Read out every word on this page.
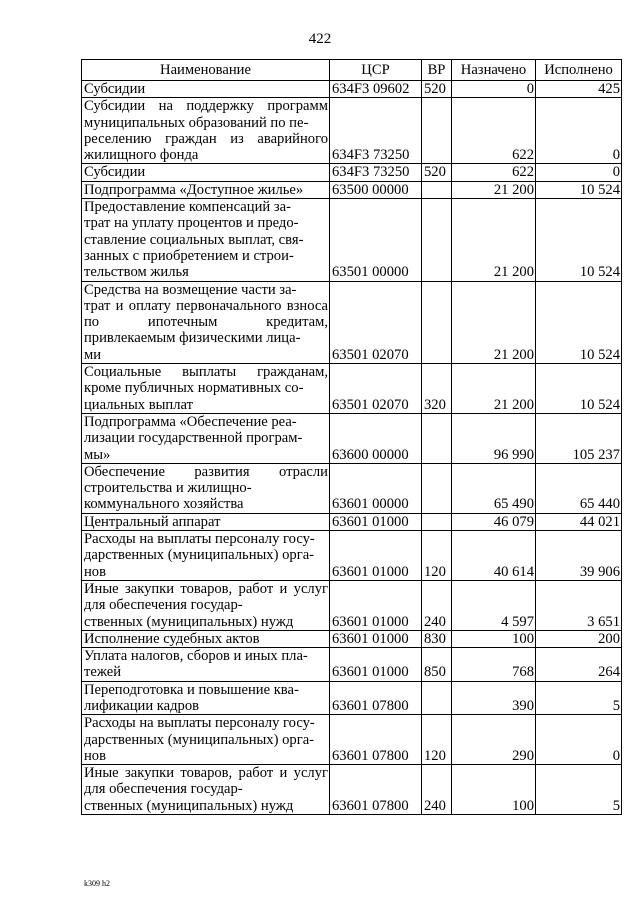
422
Наименование	ЦСР	ВР	Назначено	Исполнено
Субсидии	634F3 09602	520	0	425
Субсидии на поддержку программ муниципальных образований по пе-
реселению граждан из аварийного жилищного фонда	634F3 73250		622	0
Субсидии	634F3 73250	520	622	0
Подпрограмма «Доступное жилье»	63500 00000		21 200	10 524
Предоставление компенсаций за-
трат на уплату процентов и предо-
ставление социальных выплат, свя-
занных с приобретением и строи-
тельством жилья	63501 00000		21 200	10 524
Средства на возмещение части за-
трат и оплату первоначального взноса по ипотечным кредитам, привлекаемым физическими лица-
ми	63501 02070		21 200	10 524
Социальные выплаты гражданам, кроме публичных нормативных со-
циальных выплат	63501 02070	320	21 200	10 524
Подпрограмма «Обеспечение реа-
лизации государственной програм-
мы»	63600 00000		96 990	105 237
Обеспечение развития отрасли строительства и жилищно-
коммунального хозяйства	63601 00000		65 490	65 440
Центральный аппарат	63601 01000		46 079	44 021
Расходы на выплаты персоналу госу-
дарственных (муниципальных) орга-
нов	63601 01000	120	40 614	39 906
Иные закупки товаров, работ и услуг для обеспечения государ-
ственных (муниципальных) нужд	63601 01000	240	4 597	3 651
Исполнение судебных актов	63601 01000	830	100	200
Уплата налогов, сборов и иных пла-
тежей	63601 01000	850	768	264
Переподготовка и повышение ква-
лификации кадров	63601 07800		390	5
Расходы на выплаты персоналу госу-
дарственных (муниципальных) орга-
нов	63601 07800	120	290	0
Иные закупки товаров, работ и услуг для обеспечения государ-
ственных (муниципальных) нужд	63601 07800	240	100	5
k309 h2
